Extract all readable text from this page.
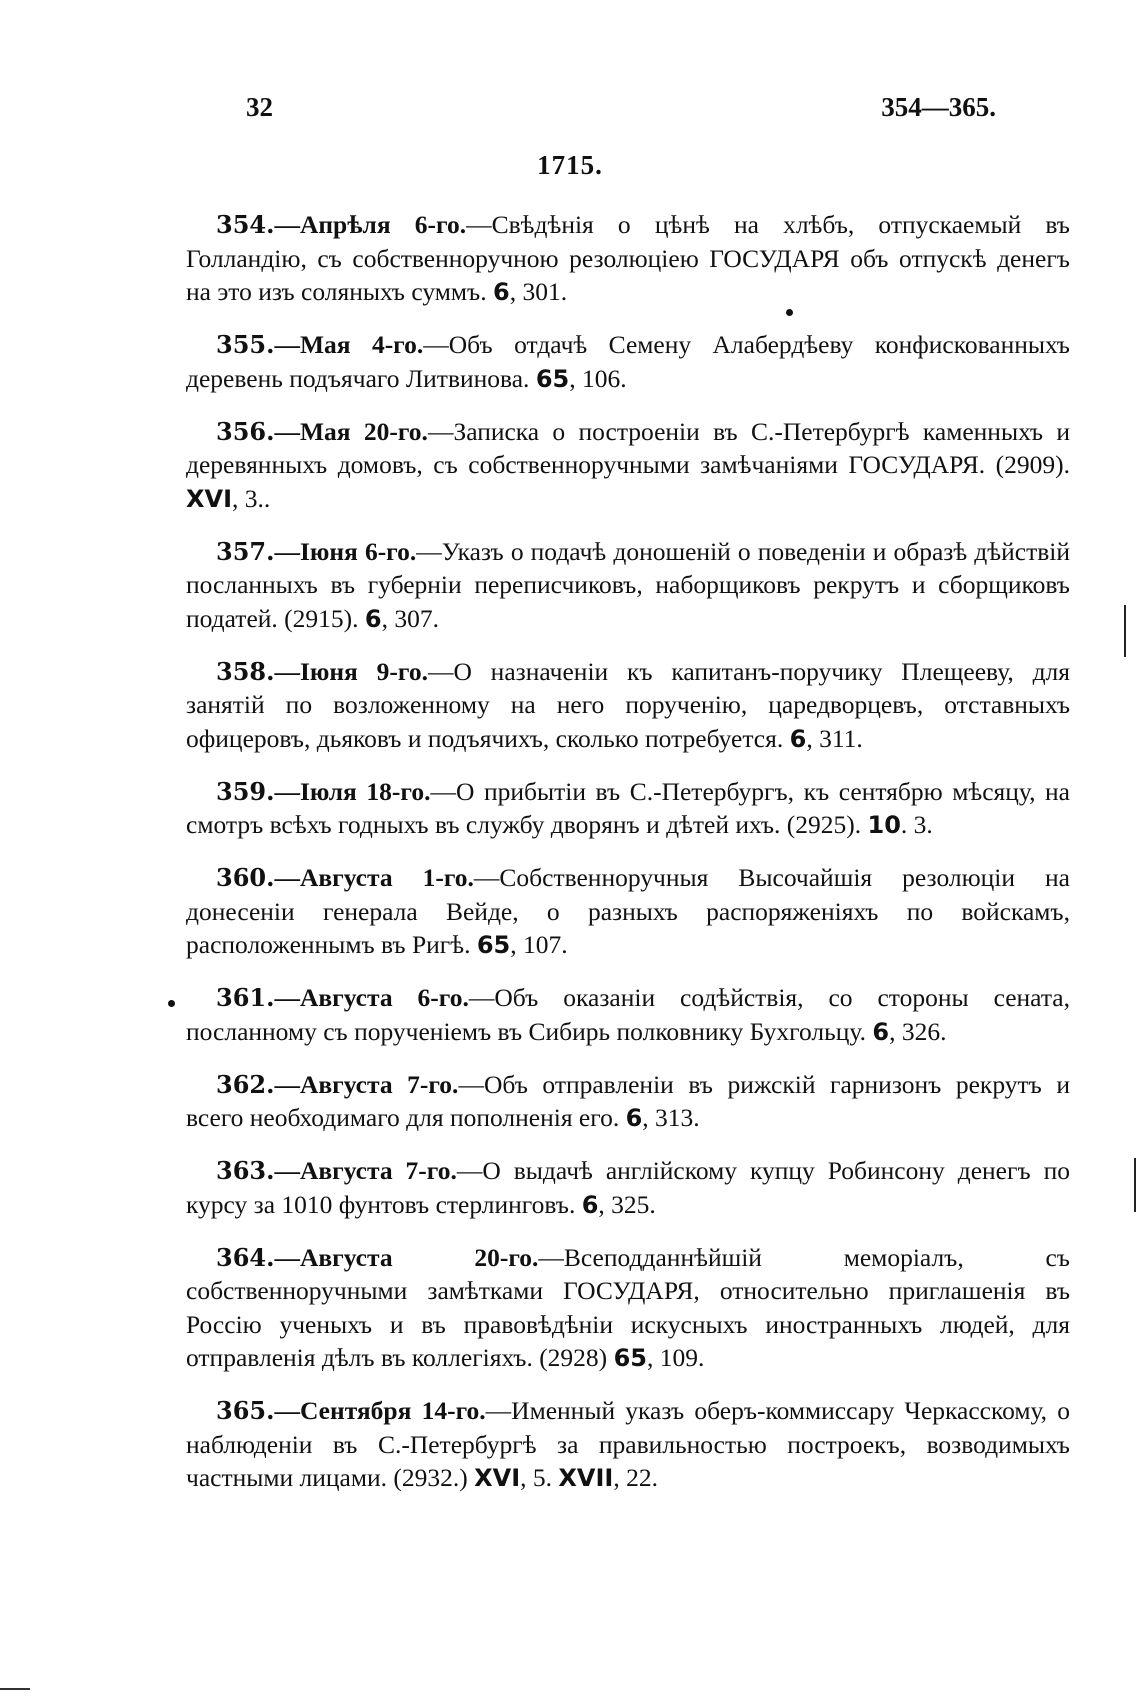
32	354—365.
1715.

354.—Апрѣля 6-го.—Свѣдѣнія о цѣнѣ на хлѣбъ, отпускаемый въ Голландію, съ собственноручною резолюціею ГОСУДАРЯ объ отпускѣ денегъ на это изъ соляныхъ суммъ. 6, 301.

355.—Мая 4-го.—Объ отдачѣ Семену Алабердѣеву конфискованныхъ деревень подъячаго Литвинова. 65, 106.

356.—Мая 20-го.—Записка о построеніи въ С.-Петербургѣ каменныхъ и деревянныхъ домовъ, съ собственноручными замѣчаніями ГОСУДАРЯ. (2909). XVI, 3..

357.—Іюня 6-го.—Указъ о подачѣ доношеній о поведеніи и образѣ дѣйствій посланныхъ въ губерніи переписчиковъ, наборщиковъ рекрутъ и сборщиковъ податей. (2915). 6, 307.

358.—Іюня 9-го.—О назначеніи къ капитанъ-поручику Плещееву, для занятій по возложенному на него порученію, царедворцевъ, отставныхъ офицеровъ, дьяковъ и подъячихъ, сколько потребуется. 6, 311.

359.—Іюля 18-го.—О прибытіи въ С.-Петербургъ, къ сентябрю мѣсяцу, на смотръ всѣхъ годныхъ въ службу дворянъ и дѣтей ихъ. (2925). 10. 3.

360.—Августа 1-го.—Собственноручныя Высочайшія резолюціи на донесеніи генерала Вейде, о разныхъ распоряженіяхъ по войскамъ, расположеннымъ въ Ригѣ. 65, 107.

361.—Августа 6-го.—Объ оказаніи содѣйствія, со стороны сената, посланному съ порученіемъ въ Сибирь полковнику Бухгольцу. 6, 326.

362.—Августа 7-го.—Объ отправленіи въ рижскій гарнизонъ рекрутъ и всего необходимаго для пополненія его. 6, 313.

363.—Августа 7-го.—О выдачѣ англійскому купцу Робинсону денегъ по курсу за 1010 фунтовъ стерлинговъ. 6, 325.

364.—Августа 20-го.—Всеподданнѣйшій меморіалъ, съ собственноручными замѣтками ГОСУДАРЯ, относительно приглашенія въ Россію ученыхъ и въ правовѣдѣніи искусныхъ иностранныхъ людей, для отправленія дѣлъ въ коллегіяхъ. (2928) 65, 109.

365.—Сентября 14-го.—Именный указъ оберъ-коммиссару Черкасскому, о наблюденіи въ С.-Петербургѣ за правильностью построекъ, возводимыхъ частными лицами. (2932.) XVI, 5. XVII, 22.
